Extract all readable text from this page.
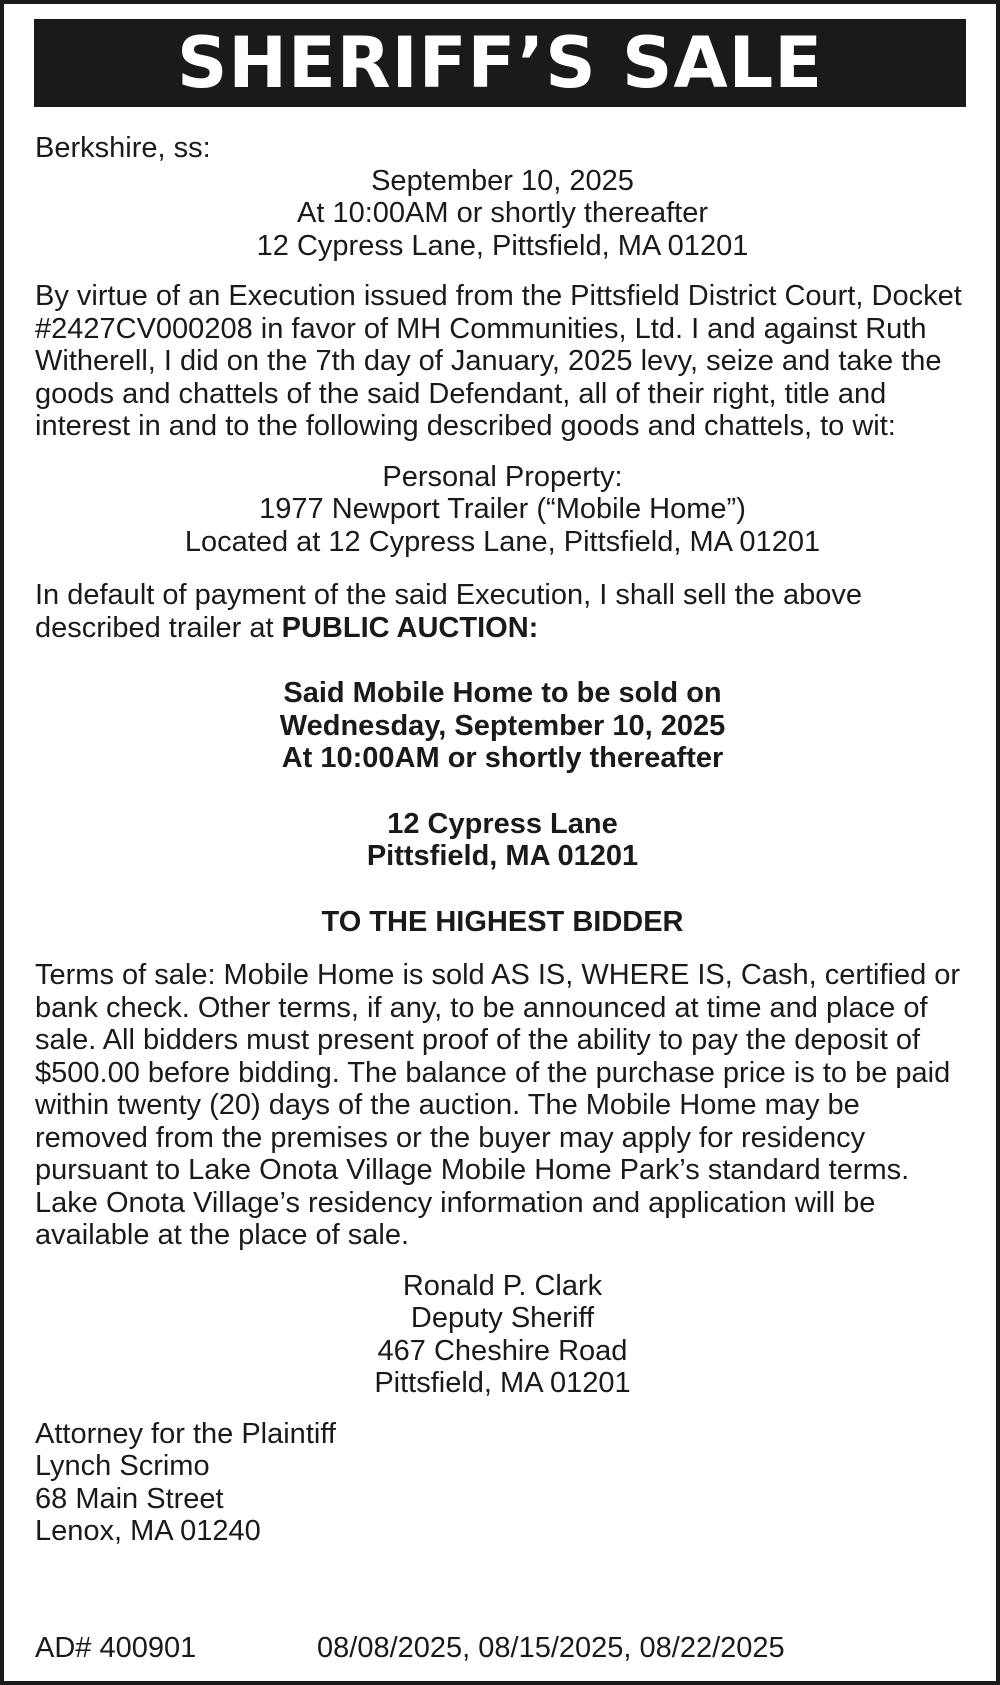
SHERIFF’S SALE

Berkshire, ss:

September 10, 2025
At 10:00AM or shortly thereafter
12 Cypress Lane, Pittsfield, MA 01201

By virtue of an Execution issued from the Pittsfield District Court, Docket #2427CV000208 in favor of MH Communities, Ltd. I and against Ruth Witherell, I did on the 7th day of January, 2025 levy, seize and take the goods and chattels of the said Defendant, all of their right, title and interest in and to the following described goods and chattels, to wit:

Personal Property:
1977 Newport Trailer (“Mobile Home”)
Located at 12 Cypress Lane, Pittsfield, MA 01201

In default of payment of the said Execution, I shall sell the above described trailer at PUBLIC AUCTION:

Said Mobile Home to be sold on
Wednesday, September 10, 2025
At 10:00AM or shortly thereafter
12 Cypress Lane
Pittsfield, MA 01201
TO THE HIGHEST BIDDER

Terms of sale: Mobile Home is sold AS IS, WHERE IS, Cash, certified or bank check. Other terms, if any, to be announced at time and place of sale. All bidders must present proof of the ability to pay the deposit of $500.00 before bidding. The balance of the purchase price is to be paid within twenty (20) days of the auction. The Mobile Home may be removed from the premises or the buyer may apply for residency pursuant to Lake Onota Village Mobile Home Park’s standard terms. Lake Onota Village’s residency information and application will be available at the place of sale.

Ronald P. Clark
Deputy Sheriff
467 Cheshire Road
Pittsfield, MA 01201
Attorney for the Plaintiff
Lynch Scrimo
68 Main Street
Lenox, MA 01240
AD# 400901	08/08/2025, 08/15/2025, 08/22/2025
